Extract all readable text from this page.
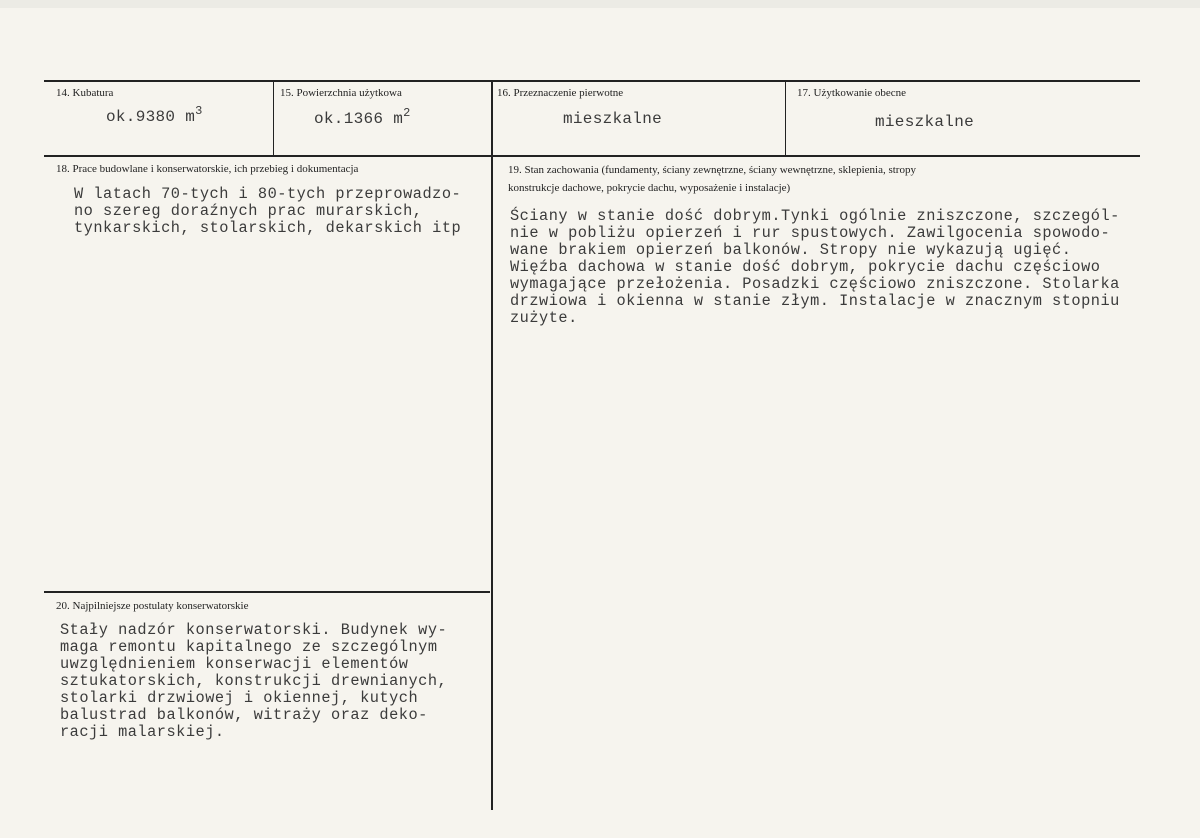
14. Kubatura
ok.9380 $m^3$
15. Powierzchnia użytkowa
ok.1366 $m^2$
16. Przeznaczenie pierwotne
mieszkalne
17. Użytkowanie obecne
mieszkalne
18. Prace budowlane i konserwatorskie, ich przebieg i dokumentacja
W latach 70-tych i 80-tych przeprowadzo-
no szereg doraźnych prac murarskich,
tynkarskich, stolarskich, dekarskich itp
19. Stan zachowania (fundamenty, ściany zewnętrzne, ściany wewnętrzne, sklepienia, stropy
konstrukcje dachowe, pokrycie dachu, wyposażenie i instalacje)
Ściany w stanie dość dobrym.Tynki ogólnie zniszczone, szczegól-
nie w pobliżu opierzeń i rur spustowych. Zawilgocenia spowodo-
wane brakiem opierzeń balkonów. Stropy nie wykazują ugięć.
Więźba dachowa w stanie dość dobrym, pokrycie dachu częściowo
wymagające przełożenia. Posadzki częściowo zniszczone. Stolarka
drzwiowa i okienna w stanie złym. Instalacje w znacznym stopniu
zużyte.
20. Najpilniejsze postulaty konserwatorskie
Stały nadzór konserwatorski. Budynek wy-
maga remontu kapitalnego ze szczególnym
uwzględnieniem konserwacji elementów
sztukatorskich, konstrukcji drewnianych,
stolarki drzwiowej i okiennej, kutych
balustrad balkonów, witraży oraz deko-
racji malarskiej.
